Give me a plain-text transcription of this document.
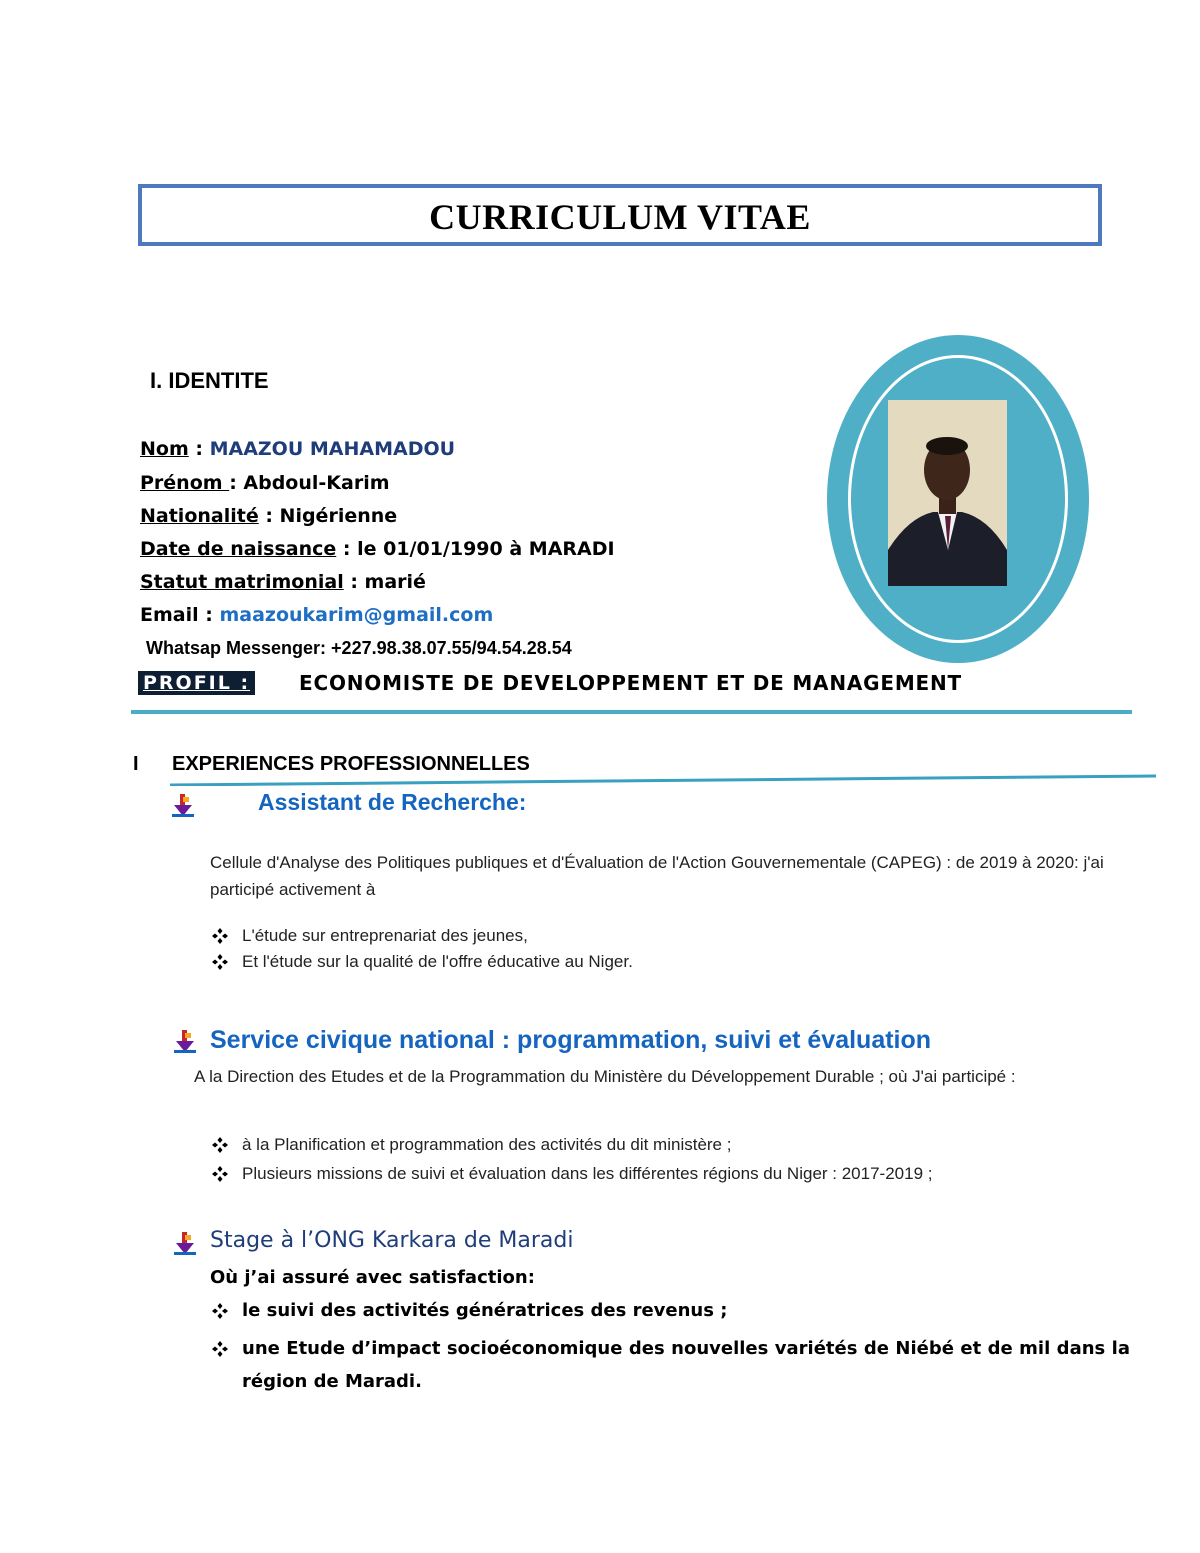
CURRICULUM VITAE
I. IDENTITE
Nom : MAAZOU MAHAMADOU
Prénom : Abdoul-Karim
Nationalité : Nigérienne
Date de naissance : le 01/01/1990 à MARADI
Statut matrimonial : marié
Email : maazoukarim@gmail.com
Whatsap Messenger: +227.98.38.07.55/94.54.28.54
PROFIL : ECONOMISTE DE DEVELOPPEMENT ET DE MANAGEMENT
I EXPERIENCES PROFESSIONNELLES
Assistant de Recherche:
Cellule d'Analyse des Politiques publiques et d'Évaluation de l'Action Gouvernementale (CAPEG) : de 2019 à 2020: j'ai participé activement à
L'étude sur entreprenariat des jeunes,
Et l'étude sur la qualité de l'offre éducative au Niger.
Service civique national : programmation, suivi et évaluation
A la Direction des Etudes et de la Programmation du Ministère du Développement Durable ; où J'ai participé :
à la Planification et programmation des activités du dit ministère ;
Plusieurs missions de suivi et évaluation dans les différentes régions du Niger : 2017-2019 ;
Stage à l’ONG Karkara de Maradi
Où j’ai assuré avec satisfaction:
le suivi des activités génératrices des revenus ;
une Etude d’impact socioéconomique des nouvelles variétés de Niébé et de mil dans la région de Maradi.
